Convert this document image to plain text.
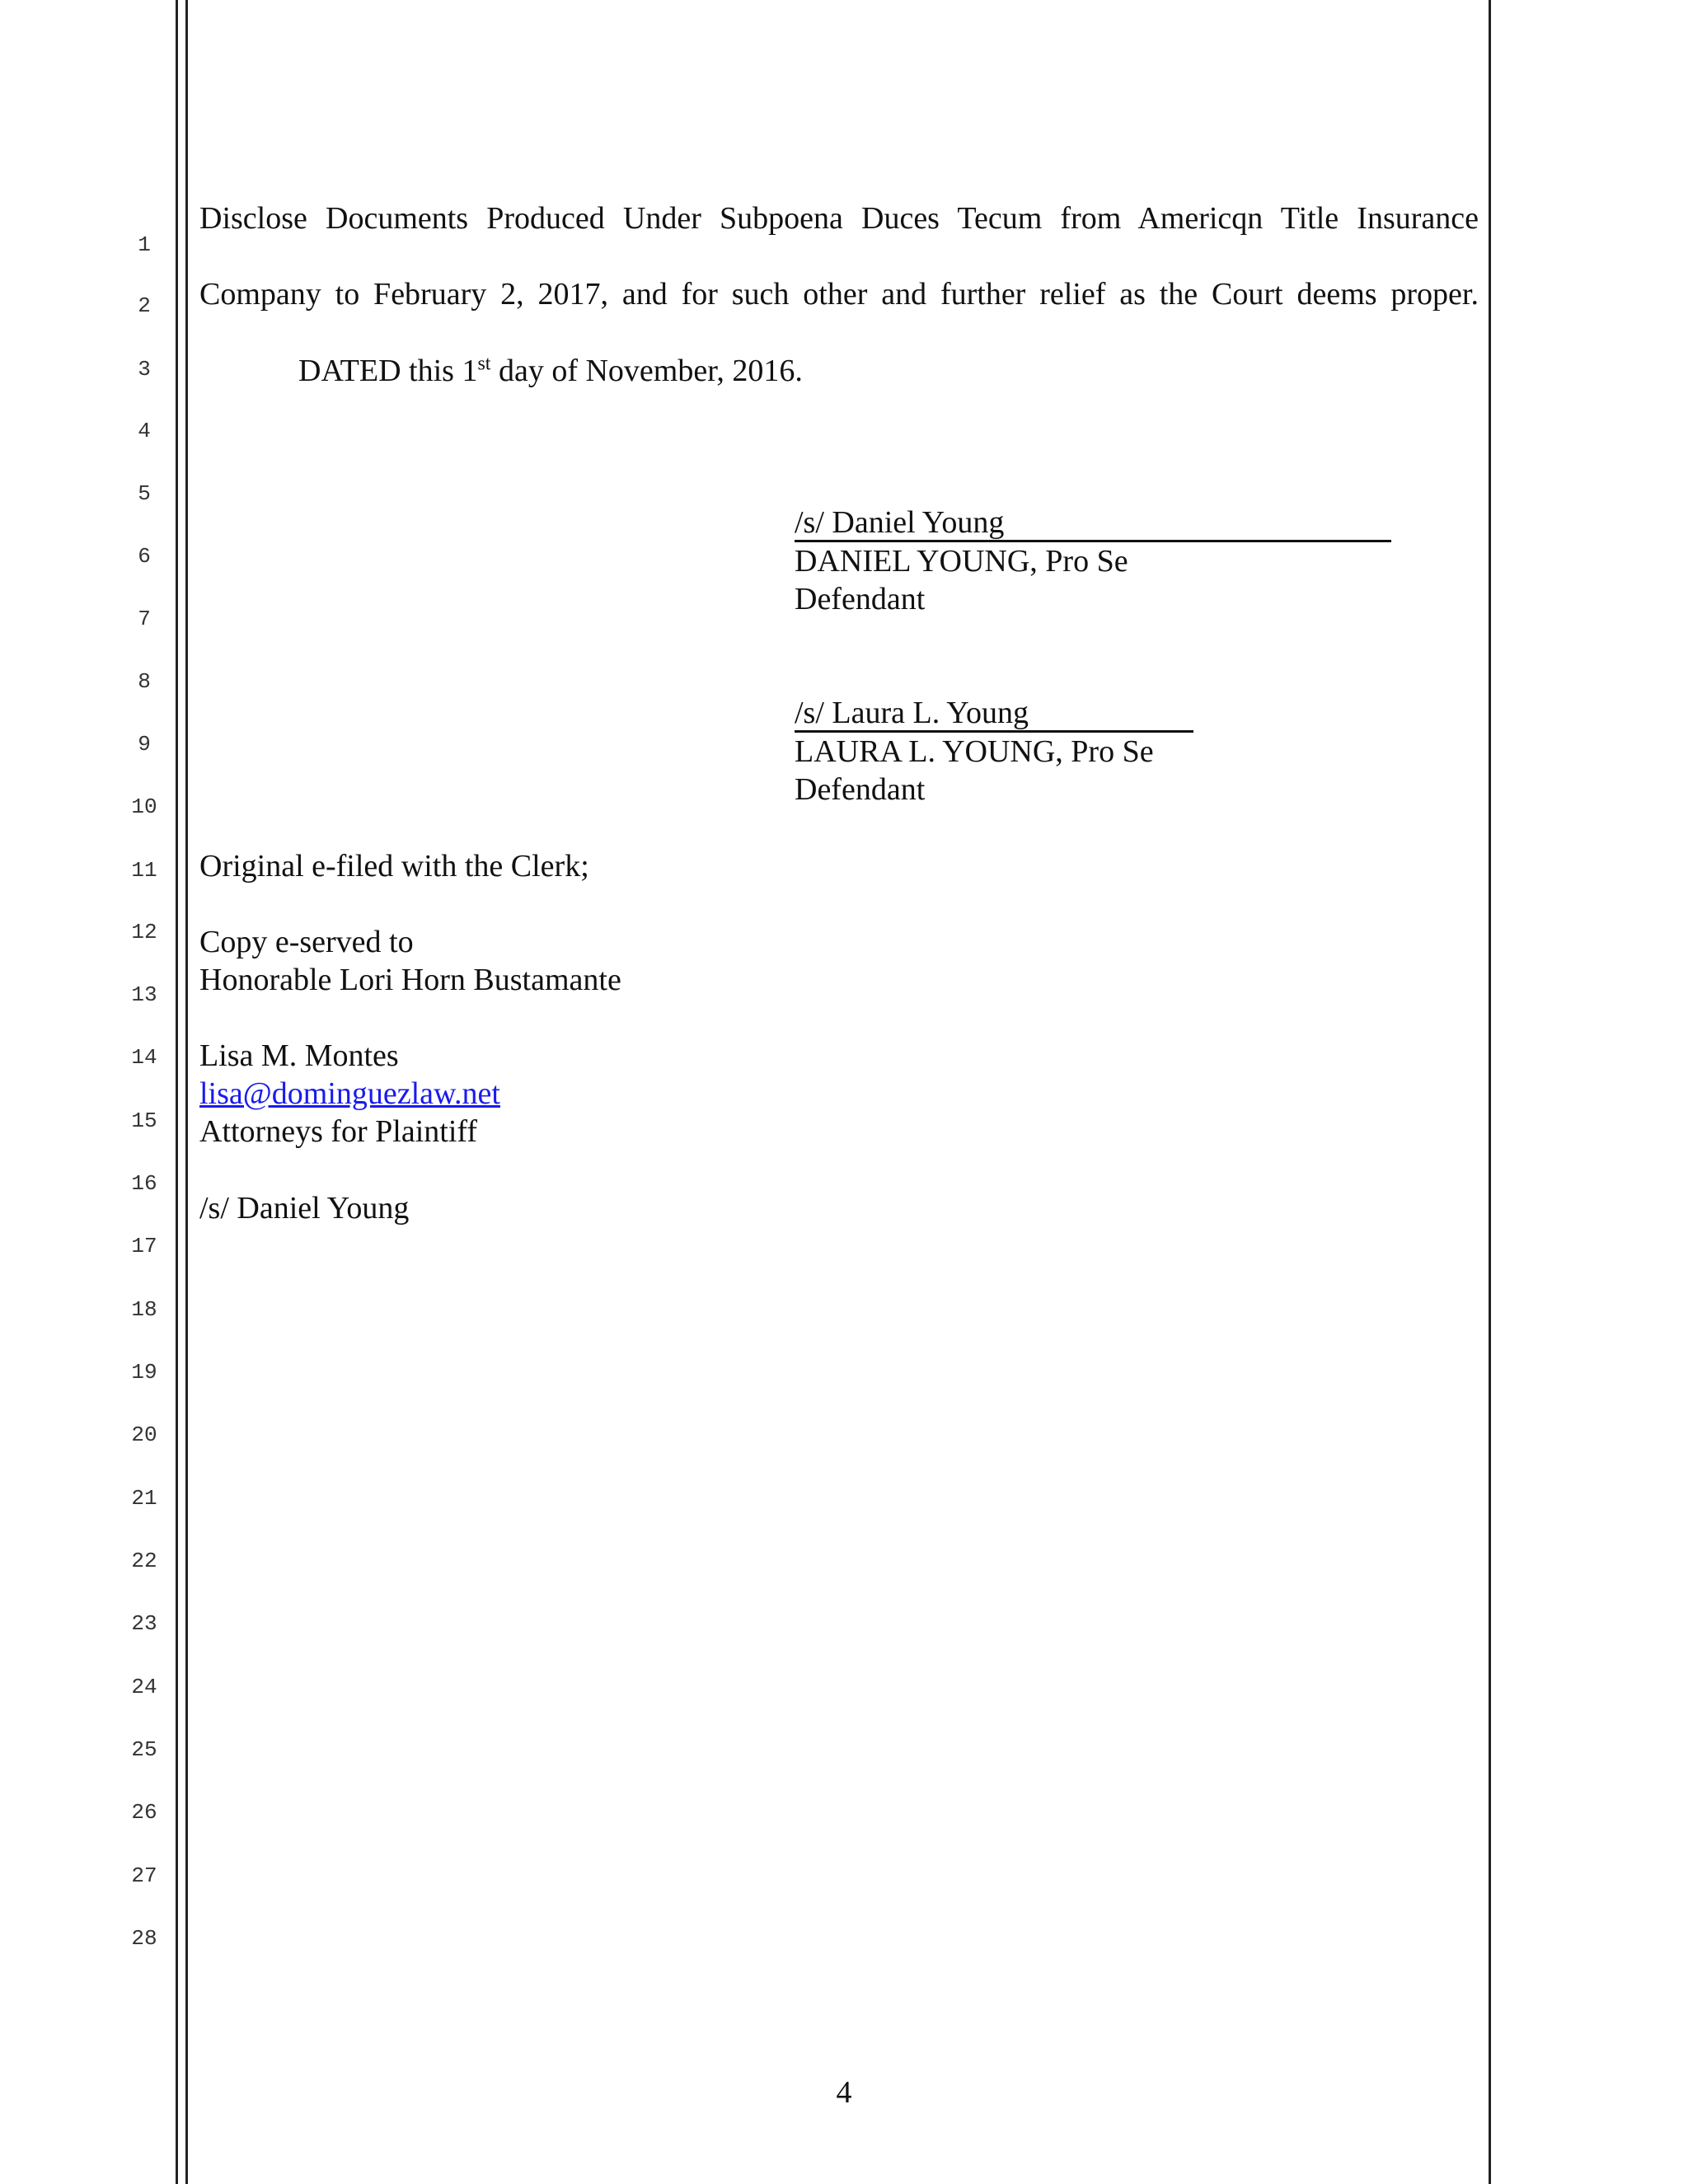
1
2
3
4
5
6
7
8
9
10
11
12
13
14
15
16
17
18
19
20
21
22
23
24
25
26
27
28
Disclose Documents Produced Under Subpoena Duces Tecum from Americqn Title Insurance
Company to February 2, 2017, and for such other and further relief as the Court deems proper.
DATED this 1st day of November, 2016.
/s/ Daniel Young
DANIEL YOUNG, Pro Se
Defendant
/s/ Laura L. Young
LAURA L. YOUNG, Pro Se
Defendant
Original e-filed with the Clerk;
Copy e-served to
Honorable Lori Horn Bustamante
Lisa M. Montes
lisa@dominguezlaw.net
Attorneys for Plaintiff
/s/ Daniel Young
4
